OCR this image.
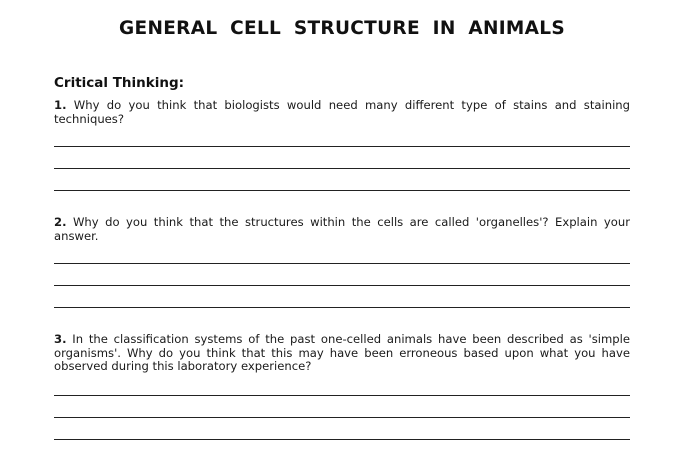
GENERAL CELL STRUCTURE IN ANIMALS
Critical Thinking:
1. Why do you think that biologists would need many different type of stains and staining techniques?
2. Why do you think that the structures within the cells are called 'organelles'? Explain your answer.
3. In the classification systems of the past one-celled animals have been described as 'simple organisms'. Why do you think that this may have been erroneous based upon what you have observed during this laboratory experience?
